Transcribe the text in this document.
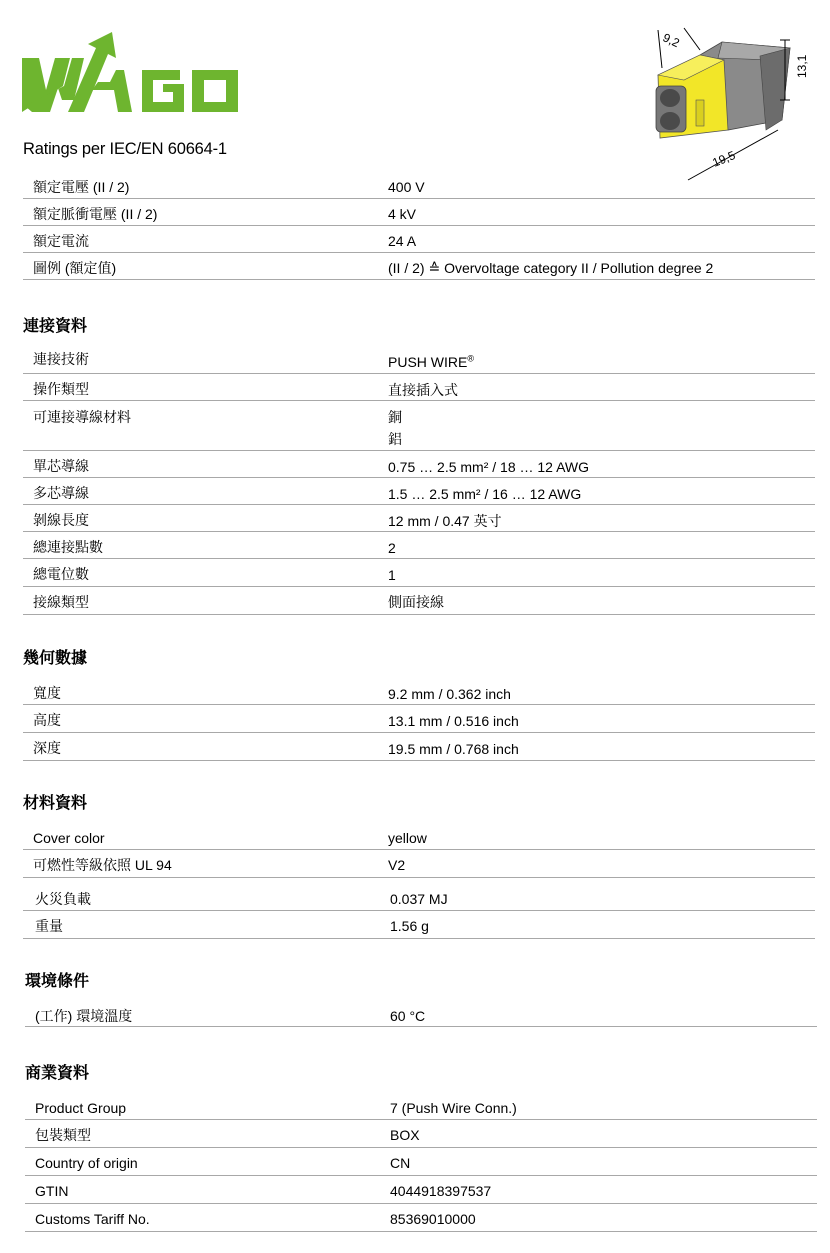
9,2
13,1
19,5
Ratings per IEC/EN 60664-1
額定電壓 (II / 2)	400 V
額定脈衝電壓 (II / 2)	4 kV
額定電流	24 A
圖例 (額定值)	(II / 2) ≙ Overvoltage category II / Pollution degree 2
連接資料
連接技術	PUSH WIRE®
操作類型	直接插入式
可連接導線材料	銅
鋁
單芯導線	0.75 … 2.5 mm² / 18 … 12 AWG
多芯導線	1.5 … 2.5 mm² / 16 … 12 AWG
剝線長度	12 mm / 0.47 英寸
總連接點數	2
總電位數	1
接線類型	側面接線
幾何數據
寬度	9.2 mm / 0.362 inch
高度	13.1 mm / 0.516 inch
深度	19.5 mm / 0.768 inch
材料資料
Cover color	yellow
可燃性等級依照 UL 94	V2
火災負載	0.037 MJ
重量	1.56 g
環境條件
(工作) 環境溫度	60 °C
商業資料
Product Group	7 (Push Wire Conn.)
包裝類型	BOX
Country of origin	CN
GTIN	4044918397537
Customs Tariff No.	85369010000
